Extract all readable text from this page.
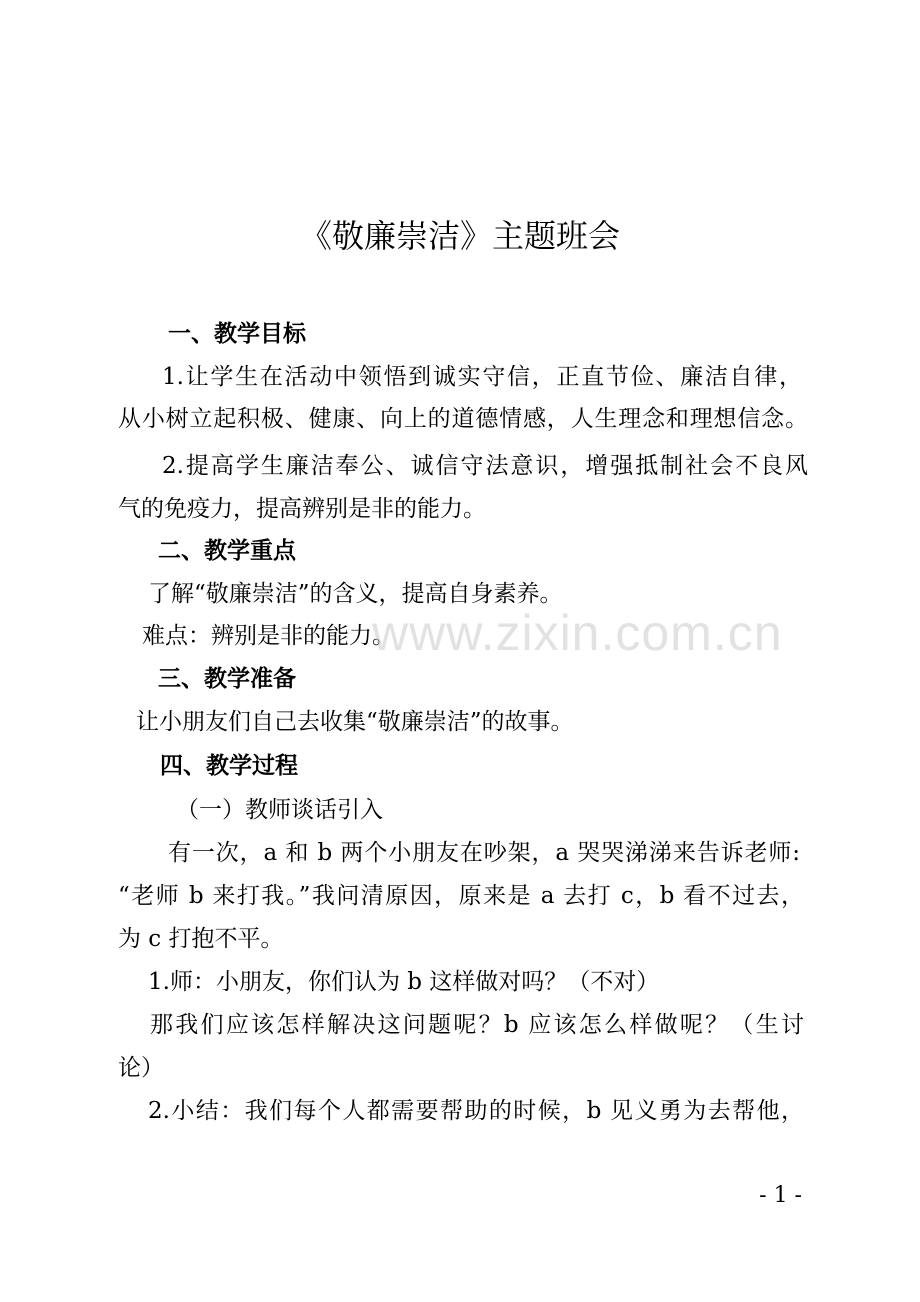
《敬廉崇洁》主题班会
一、教学目标
1.让学生在活动中领悟到诚实守信，正直节俭、廉洁自律，
从小树立起积极、健康、向上的道德情感，人生理念和理想信念。
2.提高学生廉洁奉公、诚信守法意识，增强抵制社会不良风
气的免疫力，提高辨别是非的能力。
二、教学重点
了解“敬廉崇洁”的含义，提高自身素养。
难点：辨别是非的能力。
三、教学准备
让小朋友们自己去收集“敬廉崇洁”的故事。
四、教学过程
（一）教师谈话引入
有一次，a 和 b 两个小朋友在吵架，a 哭哭涕涕来告诉老师:
“老师 b 来打我。”我问清原因，原来是 a 去打 c，b 看不过去，
为 c 打抱不平。
1.师：小朋友，你们认为 b 这样做对吗？（不对）
那我们应该怎样解决这问题呢？b 应该怎么样做呢？（生讨
论）
2.小结：我们每个人都需要帮助的时候，b 见义勇为去帮他，
www.zixin.com.cn
- 1 -
